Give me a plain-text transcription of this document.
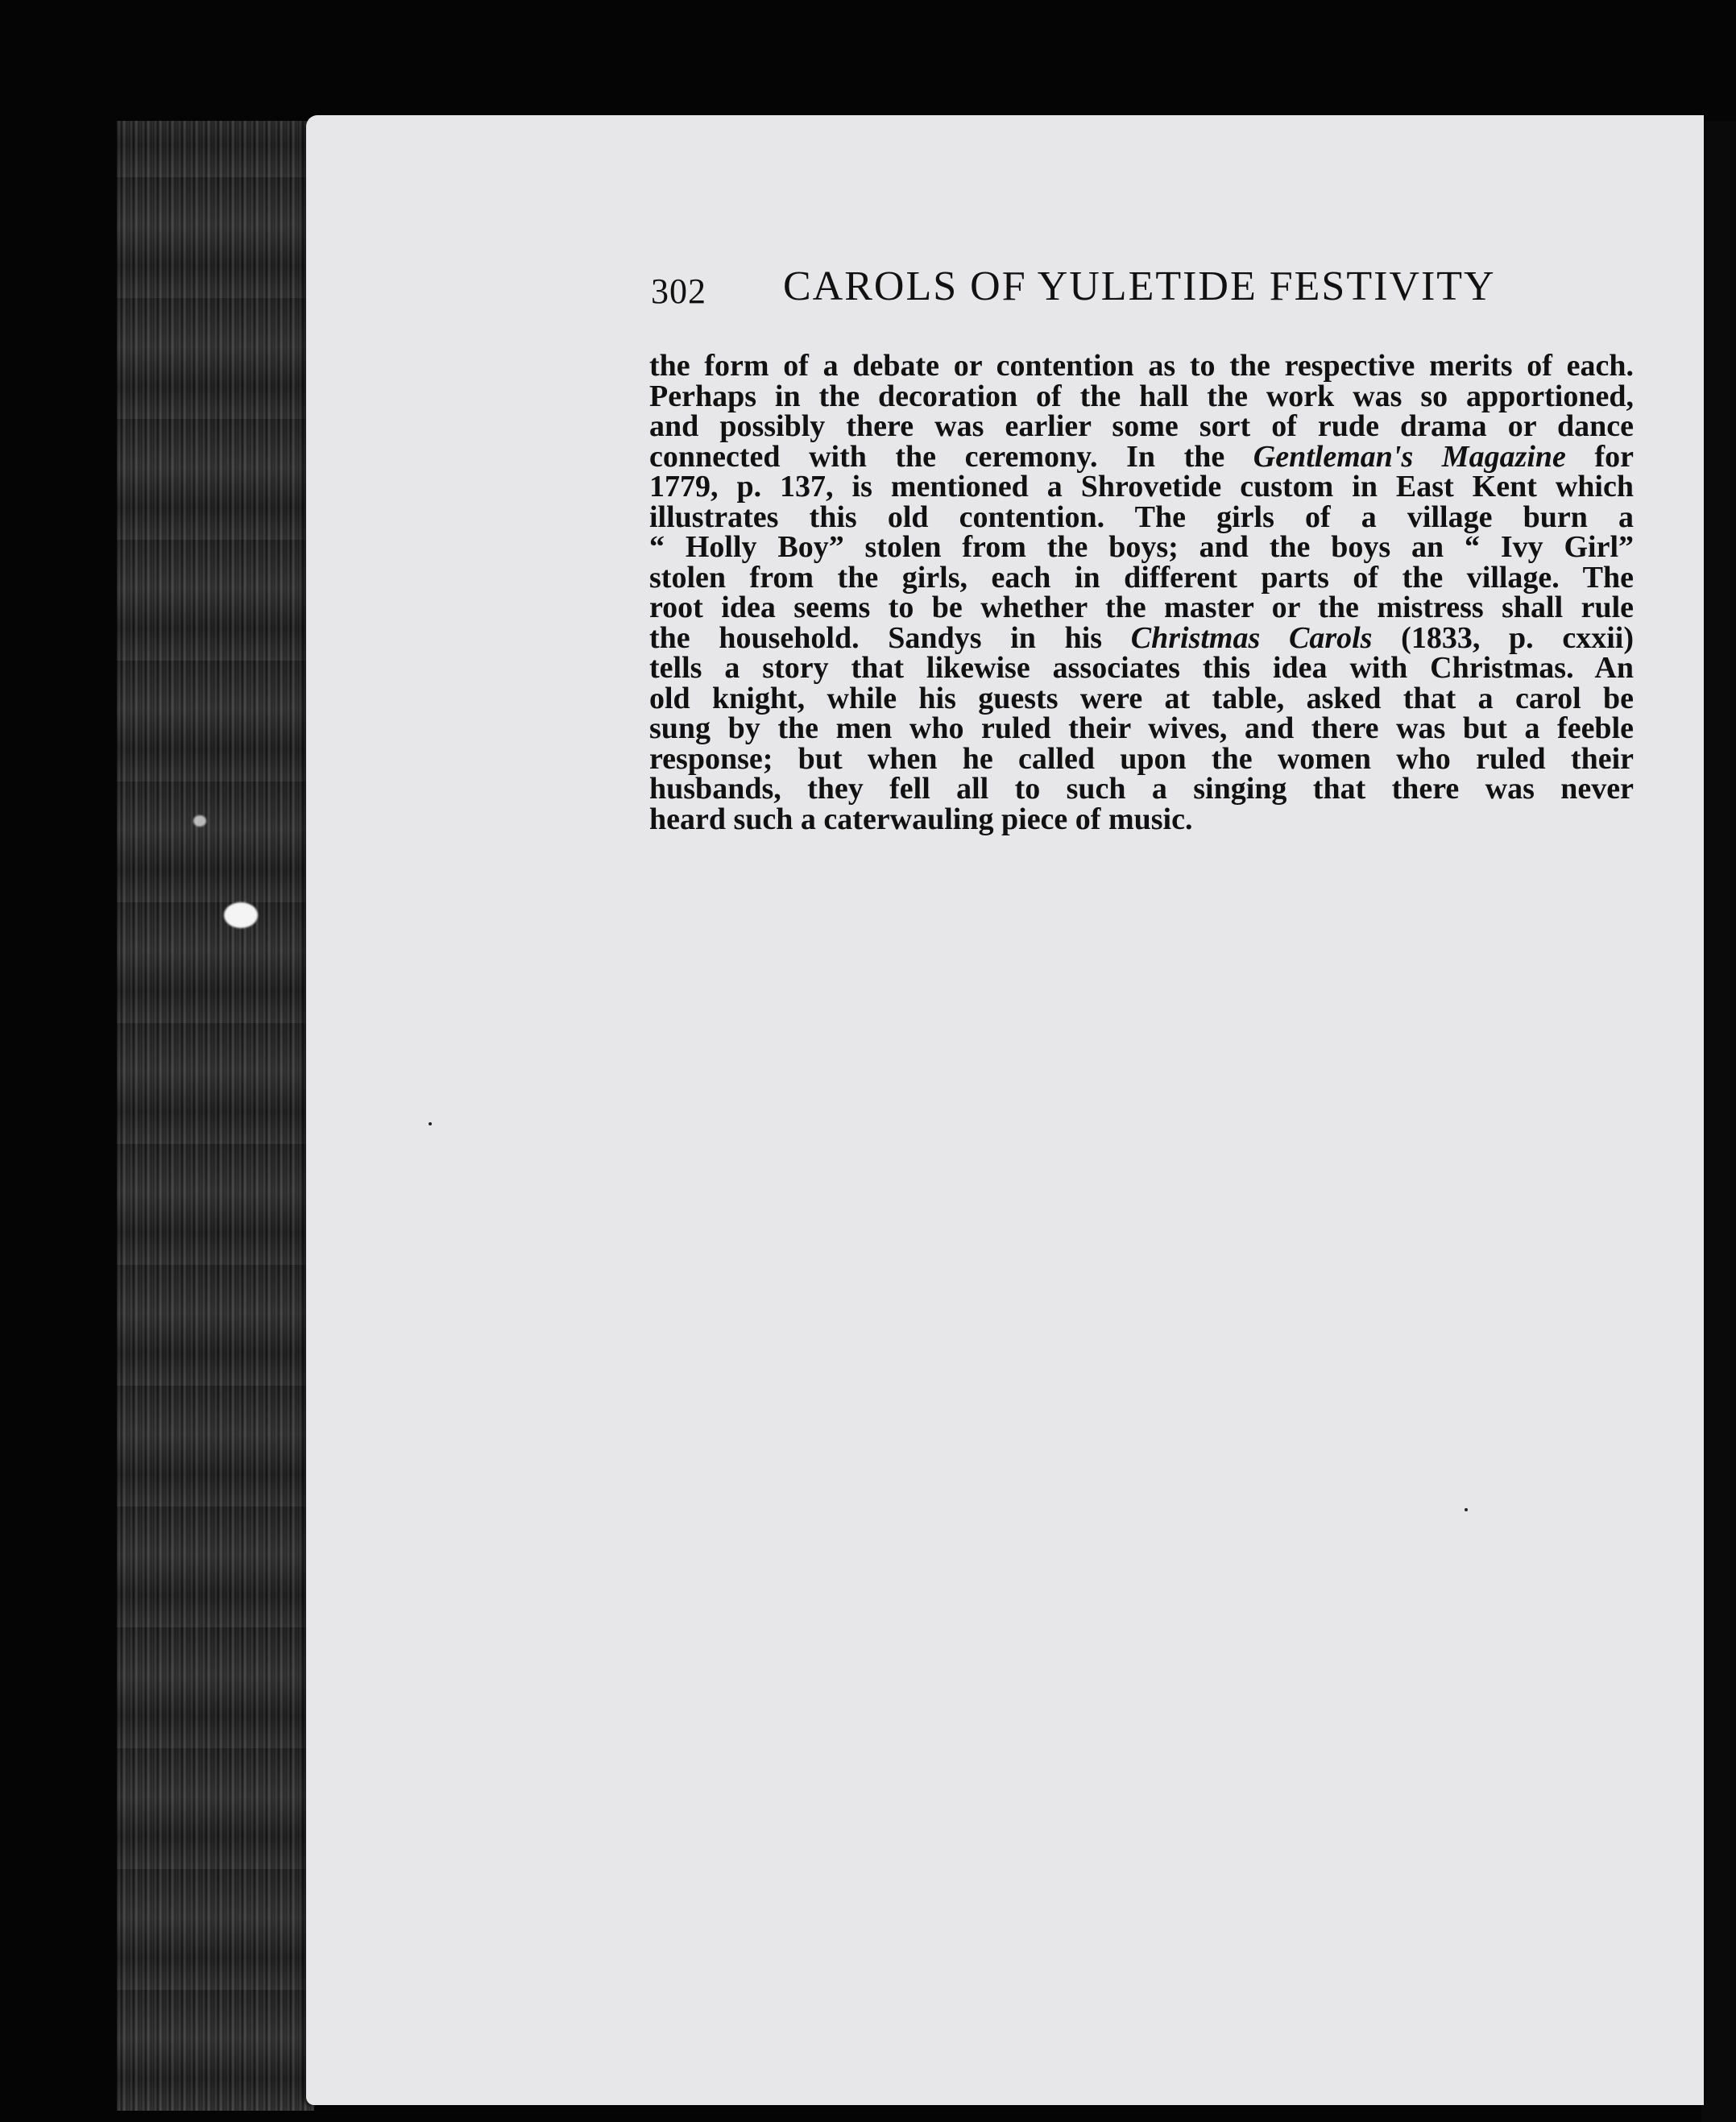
302 CAROLS OF YULETIDE FESTIVITY
the form of a debate or contention as to the respective merits of each.
Perhaps in the decoration of the hall the work was so apportioned,
and possibly there was earlier some sort of rude drama or dance
connected with the ceremony. In the Gentleman's Magazine for
1779, p. 137, is mentioned a Shrovetide custom in East Kent which
illustrates this old contention. The girls of a village burn a
“ Holly Boy” stolen from the boys; and the boys an “ Ivy Girl”
stolen from the girls, each in different parts of the village. The
root idea seems to be whether the master or the mistress shall rule
the household. Sandys in his Christmas Carols (1833, p. cxxii)
tells a story that likewise associates this idea with Christmas. An
old knight, while his guests were at table, asked that a carol be
sung by the men who ruled their wives, and there was but a feeble
response; but when he called upon the women who ruled their
husbands, they fell all to such a singing that there was never
heard such a caterwauling piece of music.
